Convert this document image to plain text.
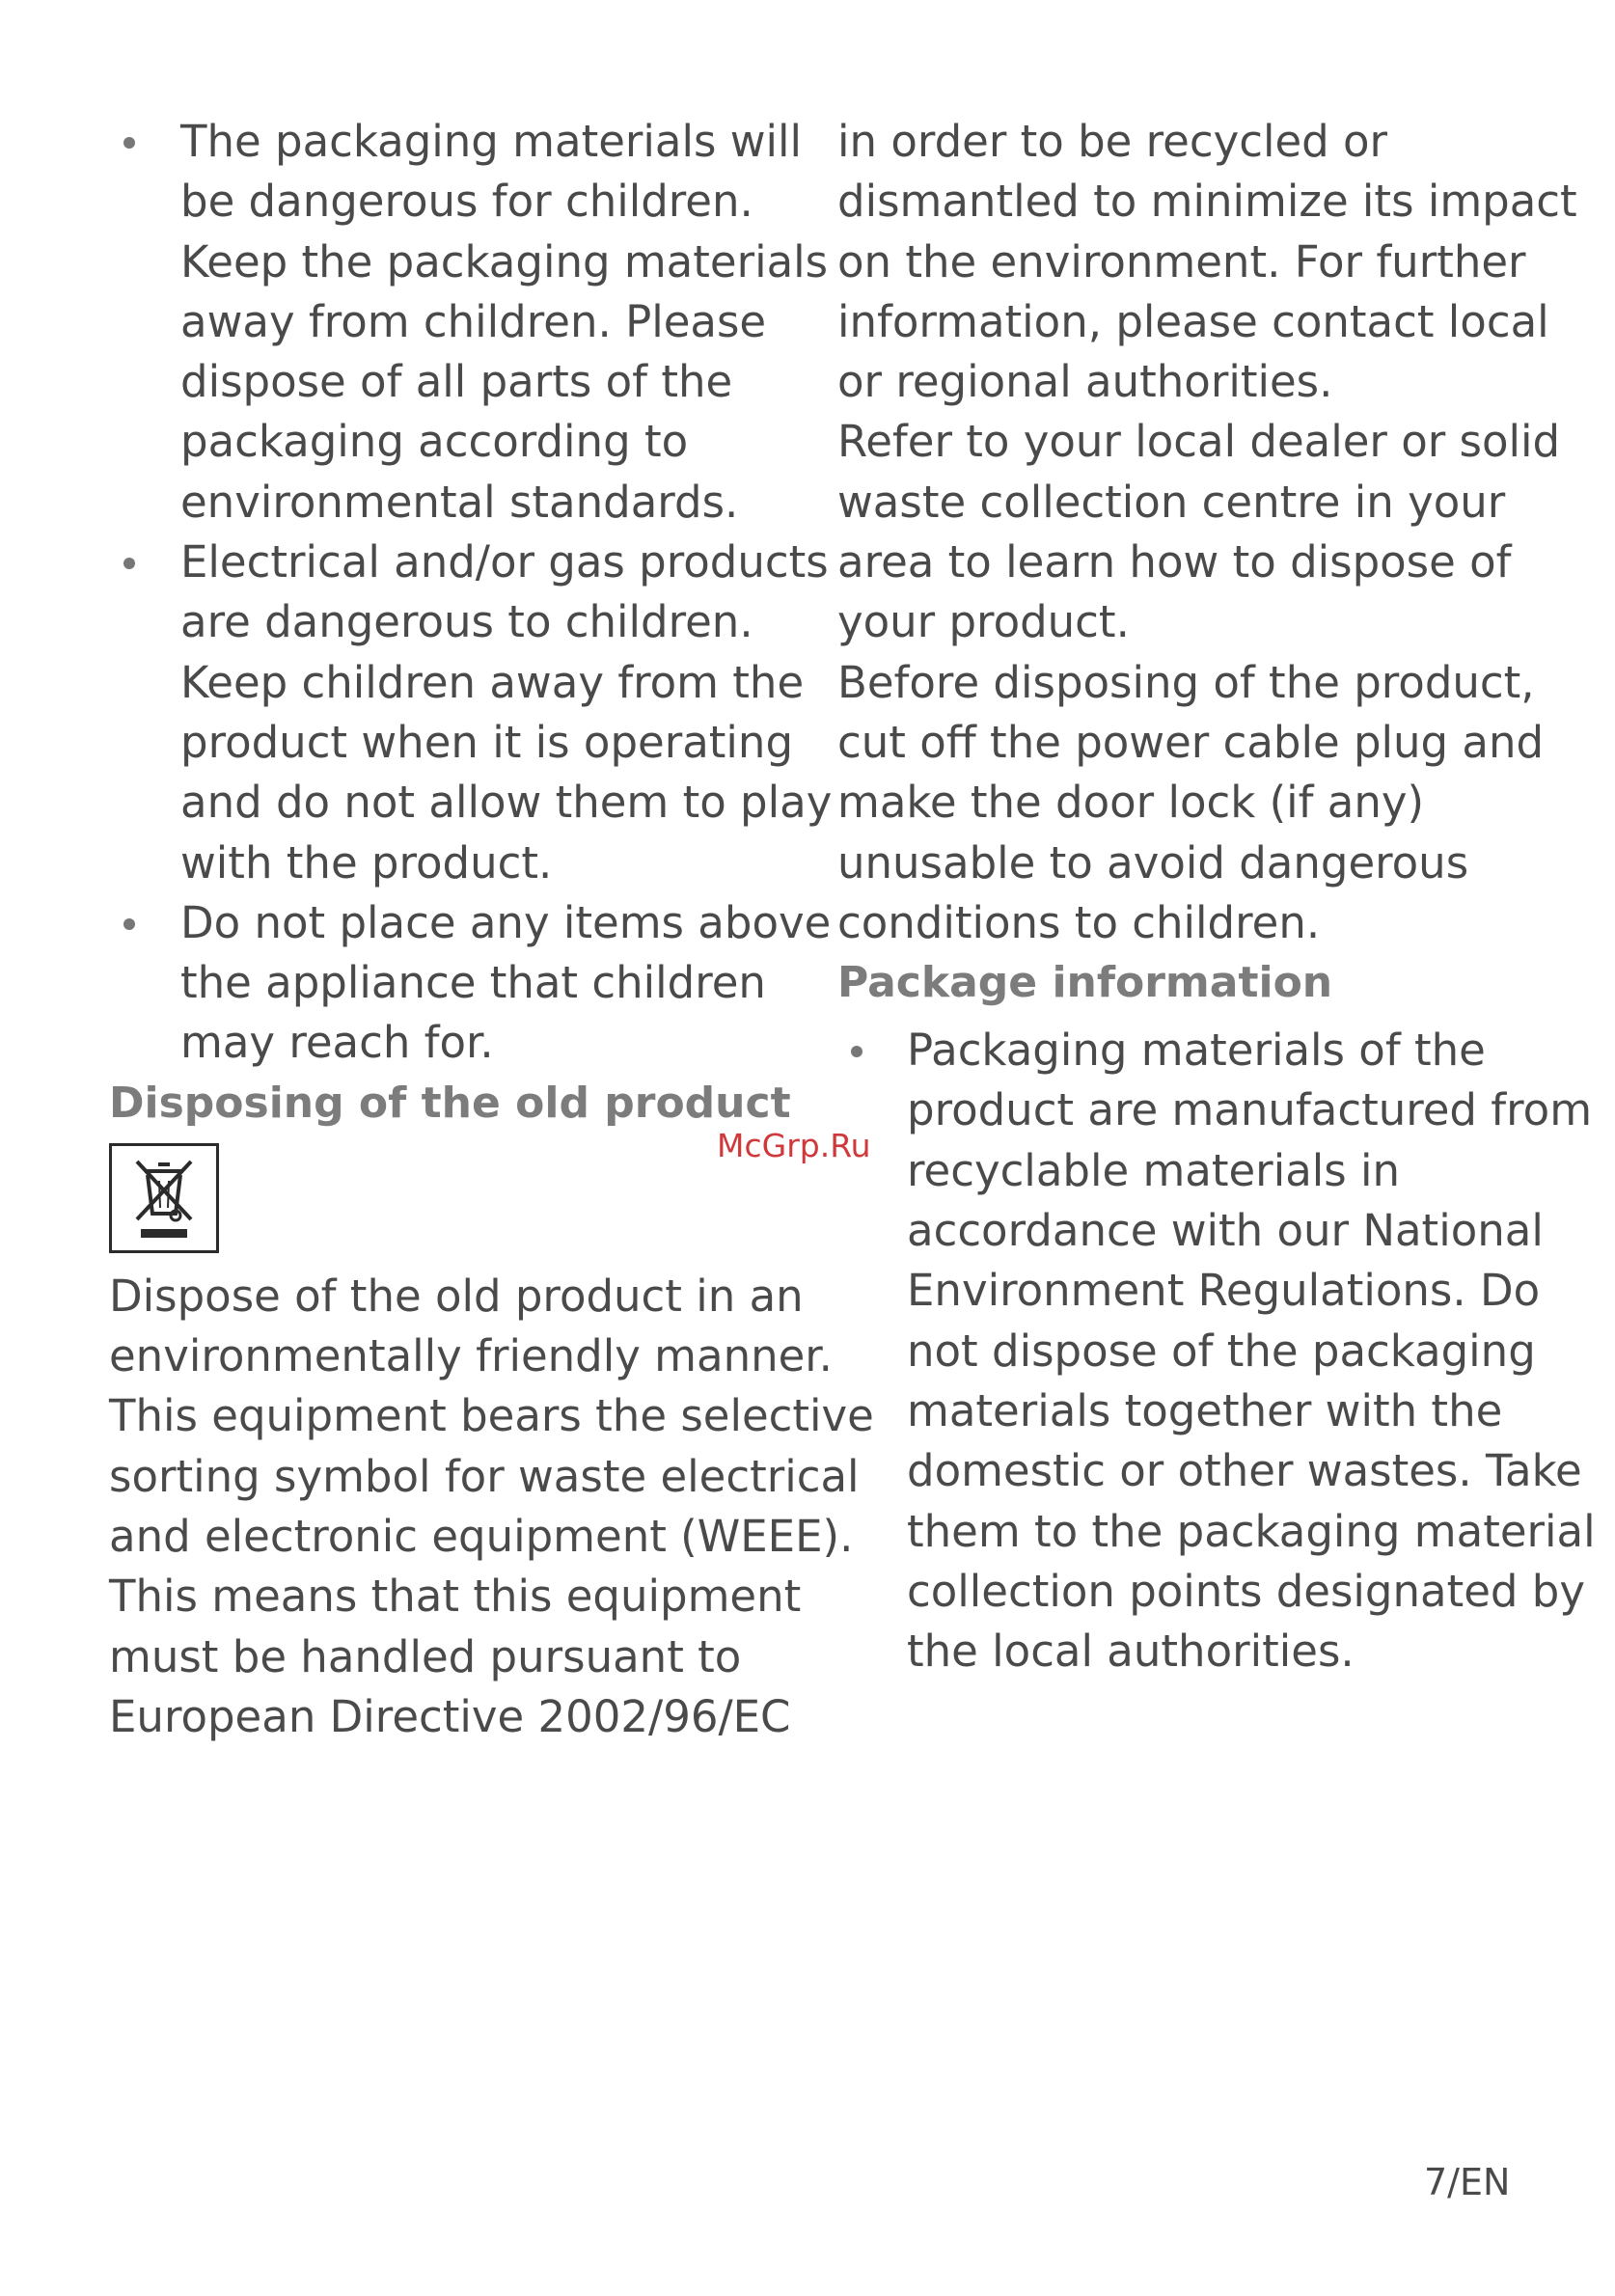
The packaging materials will

be dangerous for children.

Keep the packaging materials

away from children. Please

dispose of all parts of the

packaging according to

environmental standards.

Electrical and/or gas products

are dangerous to children.

Keep children away from the

product when it is operating

and do not allow them to play

with the product.

Do not place any items above

the appliance that children

may reach for.

Disposing of the old product

Dispose of the old product in an

environmentally friendly manner.

This equipment bears the selective

sorting symbol for waste electrical

and electronic equipment (WEEE).

This means that this equipment

must be handled pursuant to

European Directive 2002/96/EC

in order to be recycled or

dismantled to minimize its impact

on the environment. For further

information, please contact local

or regional authorities.

Refer to your local dealer or solid

waste collection centre in your

area to learn how to dispose of

your product.

Before disposing of the product,

cut off the power cable plug and

make the door lock (if any)

unusable to avoid dangerous

conditions to children.

Package information

Packaging materials of the

product are manufactured from

recyclable materials in

accordance with our National

Environment Regulations. Do

not dispose of the packaging

materials together with the

domestic or other wastes. Take

them to the packaging material

collection points designated by

the local authorities.

McGrp.Ru
7/EN
